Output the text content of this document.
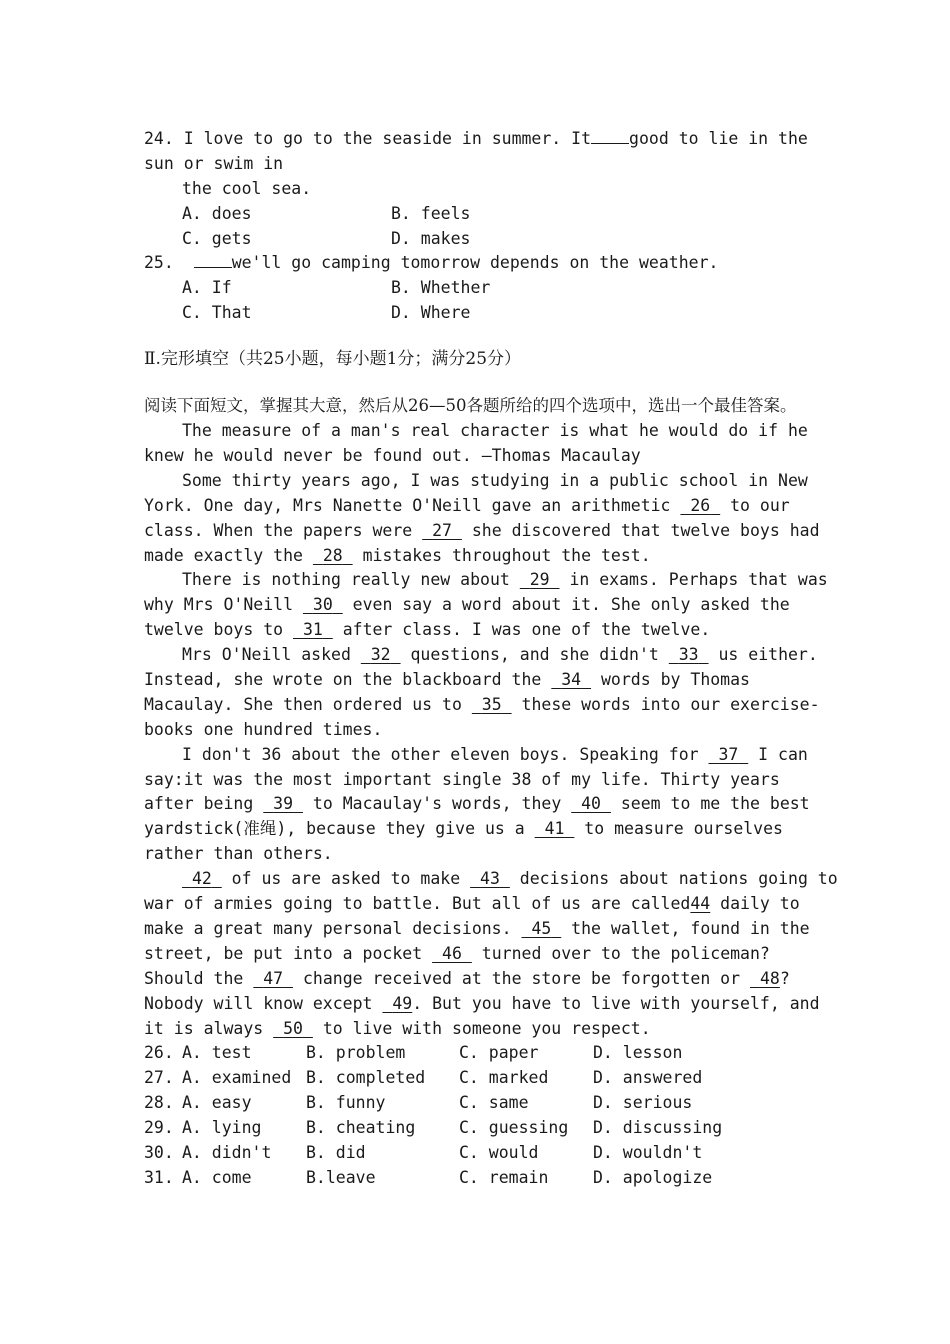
24. I love to go to the seaside in summer. It good to lie in the
sun or swim in
the cool sea.
A. does	B. feels
C. gets	D. makes
25.	we'll go camping tomorrow depends on the weather.
A. If	B. Whether
C. That	D. Where
Ⅱ.完形填空（共25小题，每小题1分；满分25分）
阅读下面短文，掌握其大意，然后从26—50各题所给的四个选项中，选出一个最佳答案。
The measure of a man's real character is what he would do if he
knew he would never be found out. —Thomas Macaulay
Some thirty years ago, I was studying in a public school in New
York. One day, Mrs Nanette O'Neill gave an arithmetic  26  to our
class. When the papers were  27  she discovered that twelve boys had
made exactly the  28  mistakes throughout the test.
There is nothing really new about  29  in exams. Perhaps that was
why Mrs O'Neill  30  even say a word about it. She only asked the
twelve boys to  31  after class. I was one of the twelve.
Mrs O'Neill asked  32  questions, and she didn't  33  us either.
Instead, she wrote on the blackboard the  34  words by Thomas
Macaulay. She then ordered us to  35  these words into our exercise-
books one hundred times.
I don't 36 about the other eleven boys. Speaking for  37  I can
say:it was the most important single 38 of my life. Thirty years
after being  39  to Macaulay's words, they  40  seem to me the best
yardstick(准绳), because they give us a  41  to measure ourselves
rather than others.
42  of us are asked to make  43  decisions about nations going to
war of armies going to battle. But all of us are called44 daily to
make a great many personal decisions.  45  the wallet, found in the
street, be put into a pocket  46  turned over to the policeman?
Should the  47  change received at the store be forgotten or  48?
Nobody will know except  49. But you have to live with yourself, and
it is always  50  to live with someone you respect.
26. A. test	B. problem	C. paper	D. lesson
27. A. examined B. completed C. marked	D. answered
28. A. easy	B. funny	C. same	D. serious
29. A. lying	B. cheating	C. guessing D. discussing
30. A. didn't B. did	C. would	D. wouldn't
31. A. come	B.leave	C. remain	D. apologize
